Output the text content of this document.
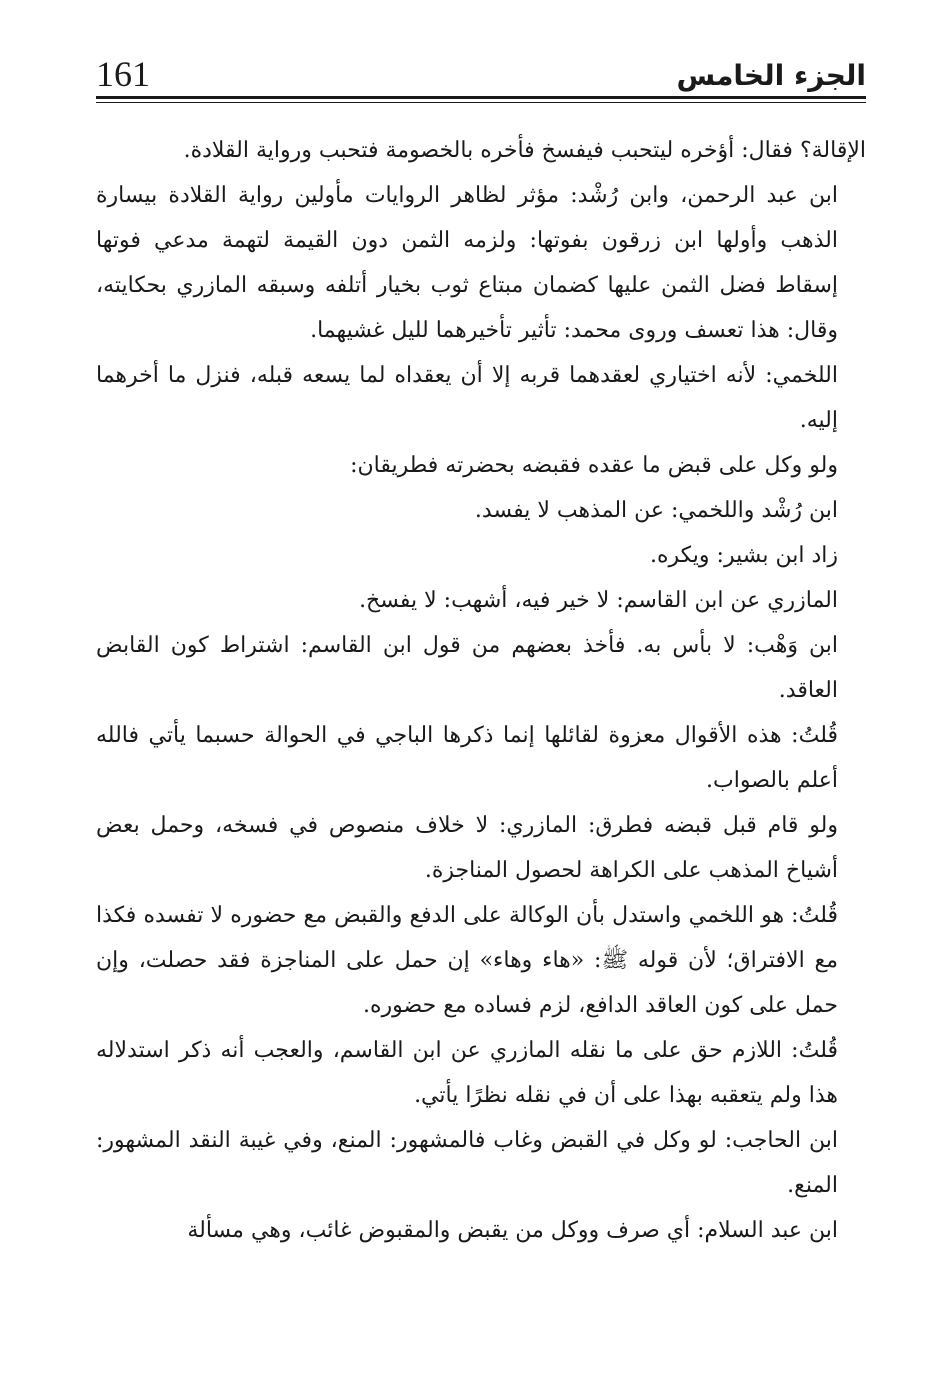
161	الجزء الخامس

الإقالة؟ فقال: أؤخره ليتحبب فيفسخ فأخره بالخصومة فتحبب ورواية القلادة.

ابن عبد الرحمن، وابن رُشْد: مؤثر لظاهر الروايات مأولين رواية القلادة بيسارة الذهب وأولها ابن زرقون بفوتها: ولزمه الثمن دون القيمة لتهمة مدعي فوتها إسقاط فضل الثمن عليها كضمان مبتاع ثوب بخيار أتلفه وسبقه المازري بحكايته، وقال: هذا تعسف وروى محمد: تأثير تأخيرهما لليل غشيهما.

اللخمي: لأنه اختياري لعقدهما قربه إلا أن يعقداه لما يسعه قبله، فنزل ما أخرهما إليه.

ولو وكل على قبض ما عقده فقبضه بحضرته فطريقان:

ابن رُشْد واللخمي: عن المذهب لا يفسد.

زاد ابن بشير: ويكره.

المازري عن ابن القاسم: لا خير فيه، أشهب: لا يفسخ.

ابن وَهْب: لا بأس به. فأخذ بعضهم من قول ابن القاسم: اشتراط كون القابض العاقد.

قُلتُ: هذه الأقوال معزوة لقائلها إنما ذكرها الباجي في الحوالة حسبما يأتي فالله أعلم بالصواب.

ولو قام قبل قبضه فطرق: المازري: لا خلاف منصوص في فسخه، وحمل بعض أشياخ المذهب على الكراهة لحصول المناجزة.

قُلتُ: هو اللخمي واستدل بأن الوكالة على الدفع والقبض مع حضوره لا تفسده فكذا مع الافتراق؛ لأن قوله ﷺ: «هاء وهاء» إن حمل على المناجزة فقد حصلت، وإن حمل على كون العاقد الدافع، لزم فساده مع حضوره.

قُلتُ: اللازم حق على ما نقله المازري عن ابن القاسم، والعجب أنه ذكر استدلاله هذا ولم يتعقبه بهذا على أن في نقله نظرًا يأتي.

ابن الحاجب: لو وكل في القبض وغاب فالمشهور: المنع، وفي غيبة النقد المشهور: المنع.

ابن عبد السلام: أي صرف ووكل من يقبض والمقبوض غائب، وهي مسألة
